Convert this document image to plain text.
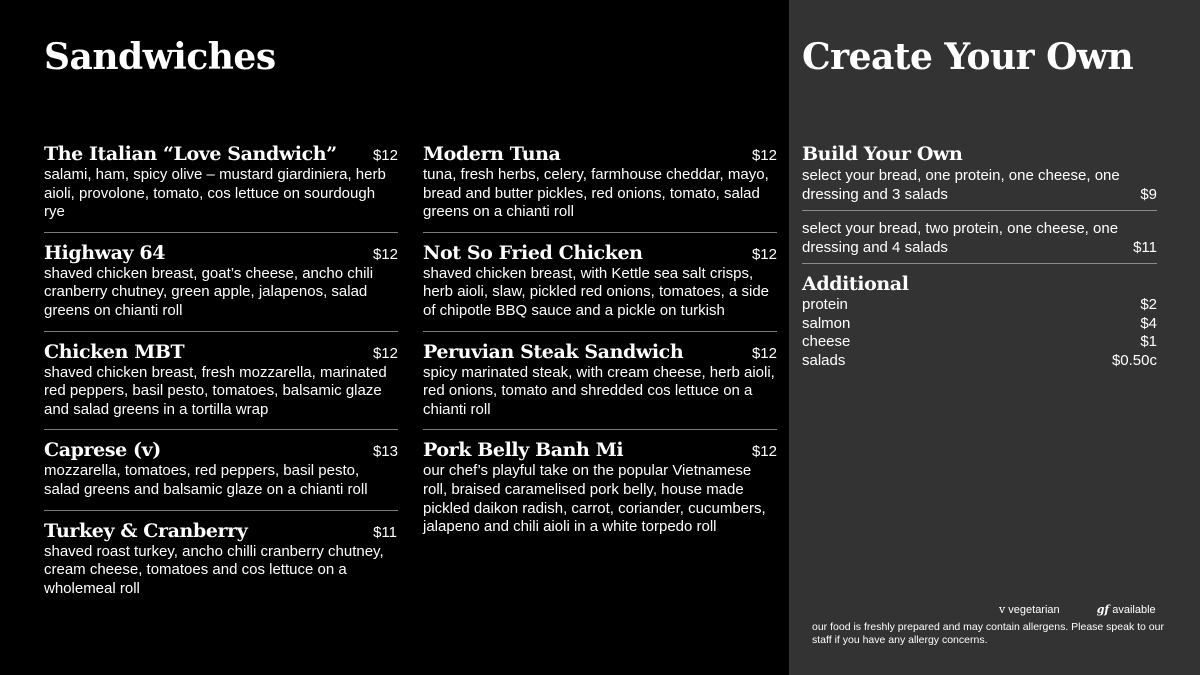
Sandwiches
The Italian “Love Sandwich” $12
salami, ham, spicy olive – mustard giardiniera, herb aioli, provolone, tomato, cos lettuce on sourdough rye
Highway 64	$12
shaved chicken breast, goat’s cheese, ancho chili cranberry chutney, green apple, jalapenos, salad greens on chianti roll
Chicken MBT	$12
shaved chicken breast, fresh mozzarella, marinated red peppers, basil pesto, tomatoes, balsamic glaze and salad greens in a tortilla wrap
Caprese (v)	$13
mozzarella, tomatoes, red peppers, basil pesto, salad greens and balsamic glaze on a chianti roll
Turkey & Cranberry	$11
shaved roast turkey, ancho chilli cranberry chutney, cream cheese, tomatoes and cos lettuce on a wholemeal roll
Modern Tuna	$12
tuna, fresh herbs, celery, farmhouse cheddar, mayo, bread and butter pickles, red onions, tomato, salad greens on a chianti roll
Not So Fried Chicken	$12
shaved chicken breast, with Kettle sea salt crisps, herb aioli, slaw, pickled red onions, tomatoes, a side of chipotle BBQ sauce and a pickle on turkish
Peruvian Steak Sandwich	$12
spicy marinated steak, with cream cheese, herb aioli, red onions, tomato and shredded cos lettuce on a chianti roll
Pork Belly Banh Mi	$12
our chef’s playful take on the popular Vietnamese roll, braised caramelised pork belly, house made pickled daikon radish, carrot, coriander, cucumbers, jalapeno and chili aioli in a white torpedo roll
Create Your Own
Build Your Own
select your bread, one protein, one cheese, one
dressing and 3 salads	$9
select your bread, two protein, one cheese, one
dressing and 4 salads	$11
Additional
protein	$2
salmon	$4
cheese	$1
salads	$0.50c
v vegetarian	gf available
our food is freshly prepared and may contain allergens. Please speak to our staff if you have any allergy concerns.
